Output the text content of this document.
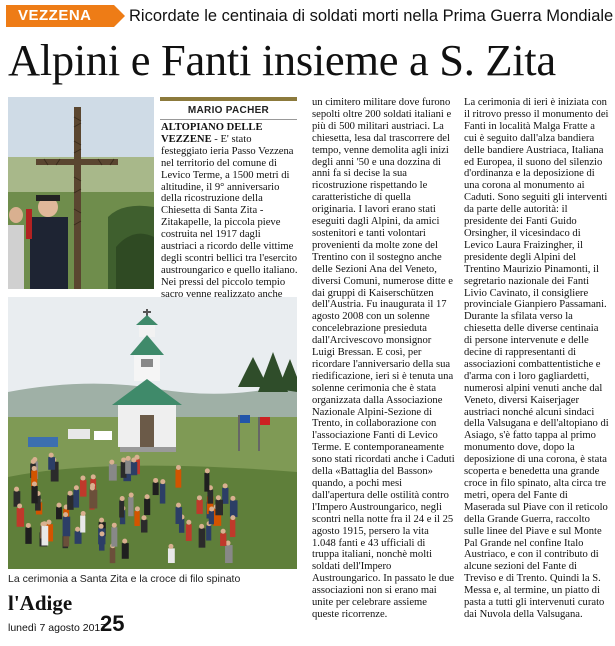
VEZZENA	Ricordate le centinaia di soldati morti nella Prima Guerra Mondiale
Alpini e Fanti insieme a S. Zita
La cerimonia a Santa Zita e la croce di filo spinato
MARIO PACHER

ALTOPIANO DELLE VEZZENE - E' stato festeggiato ieria Passo Vezzena nel territorio del comune di Levico Terme, a 1500 metri di altitudine, il 9° anniversario della ricostruzione della Chiesetta di Santa Zita - Zitakapelle, la piccola pieve costruita nel 1917 dagli austriaci a ricordo delle vittime degli scontri bellici tra l'esercito austroungarico e quello italiano.

Nei pressi del piccolo tempio sacro venne realizzato anche

un cimitero militare dove furono sepolti oltre 200 soldati italiani e più di 500 militari austriaci. La chiesetta, lesa dal trascorrere del tempo, venne demolita agli inizi degli anni '50 e una dozzina di anni fa si decise la sua ricostruzione rispettando le caratteristiche di quella originaria. I lavori erano stati eseguiti dagli Alpini, da amici sostenitori e tanti volontari provenienti da molte zone del Trentino con il sostegno anche delle Sezioni Ana del Veneto, diversi Comuni, numerose ditte e dai gruppi di Kaiserschützen dell'Austria. Fu inaugurata il 17 agosto 2008 con un solenne concelebrazione presieduta dall'Arcivescovo monsignor Luigi Bressan. E così, per ricordare l'anniversario della sua riedificazione, ieri si è tenuta una solenne cerimonia che è stata organizzata dalla Associazione Nazionale Alpini-Sezione di Trento, in collaborazione con l'associazione Fanti di Levico Terme. E contemporaneamente sono stati ricordati anche i Caduti della «Battaglia del Basson» quando, a pochi mesi dall'apertura delle ostilità contro l'Impero Austroungarico, negli scontri nella notte fra il 24 e il 25 agosto 1915, persero la vita 1.048 fanti e 43 ufficiali di truppa italiani, nonchè molti soldati dell'Impero Austroungarico. In passato le due associazioni non si erano mai unite per celebrare assieme queste ricorrenze.

La cerimonia di ieri è iniziata con il ritrovo presso il monumento dei Fanti in località Malga Fratte a cui è seguito dall'alza bandiera delle bandiere Austriaca, Italiana ed Europea, il suono del silenzio d'ordinanza e la deposizione di una corona al monumento ai Caduti. Sono seguiti gli interventi da parte delle autorità: il presidente dei Fanti Guido Orsingher, il vicesindaco di Levico Laura Fraizingher, il presidente degli Alpini del Trentino Maurizio Pinamonti, il segretario nazionale dei Fanti Livio Cavinato, il consigliere provinciale Gianpiero Passamani.

Durante la sfilata verso la chiesetta delle diverse centinaia di persone intervenute e delle decine di rappresentanti di associazioni combattentistiche e d'arma con i loro gagliardetti, numerosi alpini venuti anche dal Veneto, diversi Kaiserjager austriaci nonché alcuni sindaci della Valsugana e dell'altopiano di Asiago, s'è fatto tappa al primo monumento dove, dopo la deposizione di una corona, è stata scoperta e benedetta una grande croce in filo spinato, alta circa tre metri, opera del Fante di Maserada sul Piave con il reticolo della Grande Guerra, raccolto sulle linee del Piave e sul Monte Pal Grande nel confine Italo Austriaco, e con il contributo di alcune sezioni del Fante di Treviso e di Trento. Quindi la S. Messa e, al termine, un piatto di pasta a tutti gli intervenuti curato dai Nuvola della Valsugana.

l'Adige
lunedì 7 agosto 2017
25
